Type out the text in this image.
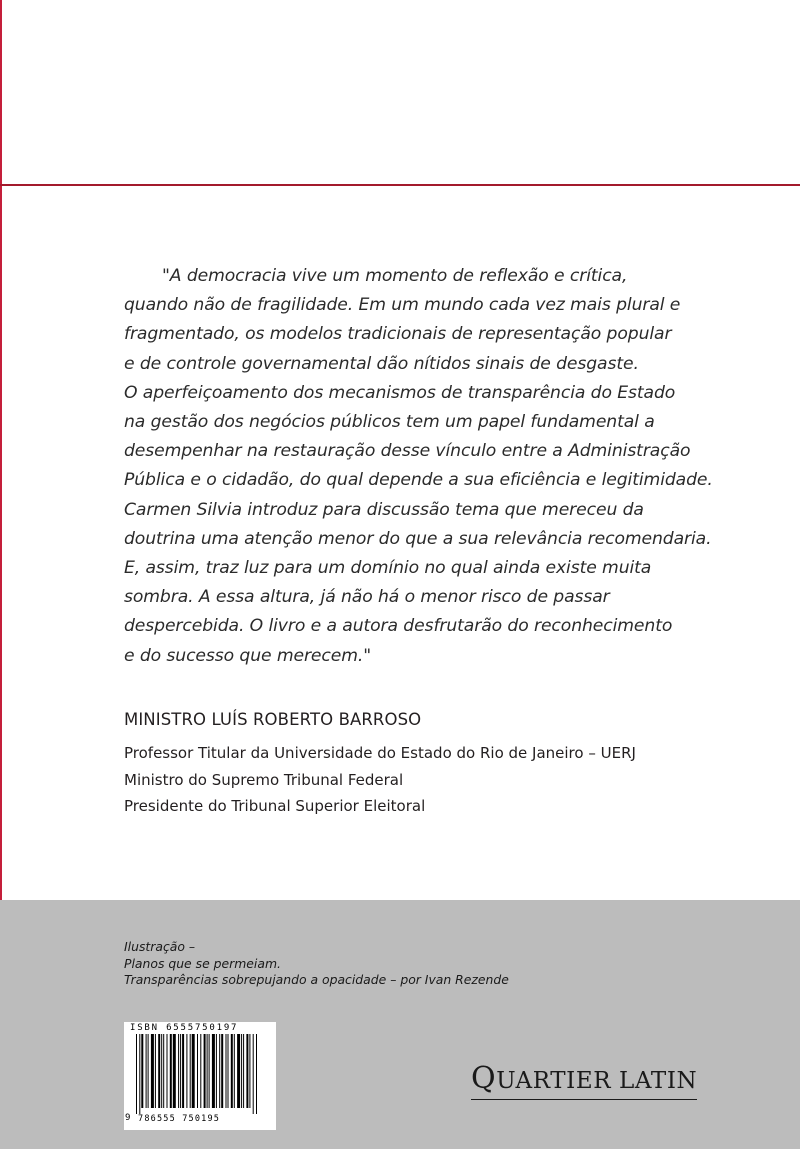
"A democracia vive um momento de reflexão e crítica,
quando não de fragilidade. Em um mundo cada vez mais plural e
fragmentado, os modelos tradicionais de representação popular
e de controle governamental dão nítidos sinais de desgaste.
O aperfeiçoamento dos mecanismos de transparência do Estado
na gestão dos negócios públicos tem um papel fundamental a
desempenhar na restauração desse vínculo entre a Administração
Pública e o cidadão, do qual depende a sua eficiência e legitimidade.
Carmen Silvia introduz para discussão tema que mereceu da
doutrina uma atenção menor do que a sua relevância recomendaria.
E, assim, traz luz para um domínio no qual ainda existe muita
sombra. A essa altura, já não há o menor risco de passar
despercebida. O livro e a autora desfrutarão do reconhecimento
e do sucesso que merecem."
MINISTRO LUÍS ROBERTO BARROSO
Professor Titular da Universidade do Estado do Rio de Janeiro – UERJ
Ministro do Supremo Tribunal Federal
Presidente do Tribunal Superior Eleitoral
Ilustração –
Planos que se permeiam.
Transparências sobrepujando a opacidade – por Ivan Rezende
ISBN 6555750197
9 786555 750195
QUARTIER LATIN
